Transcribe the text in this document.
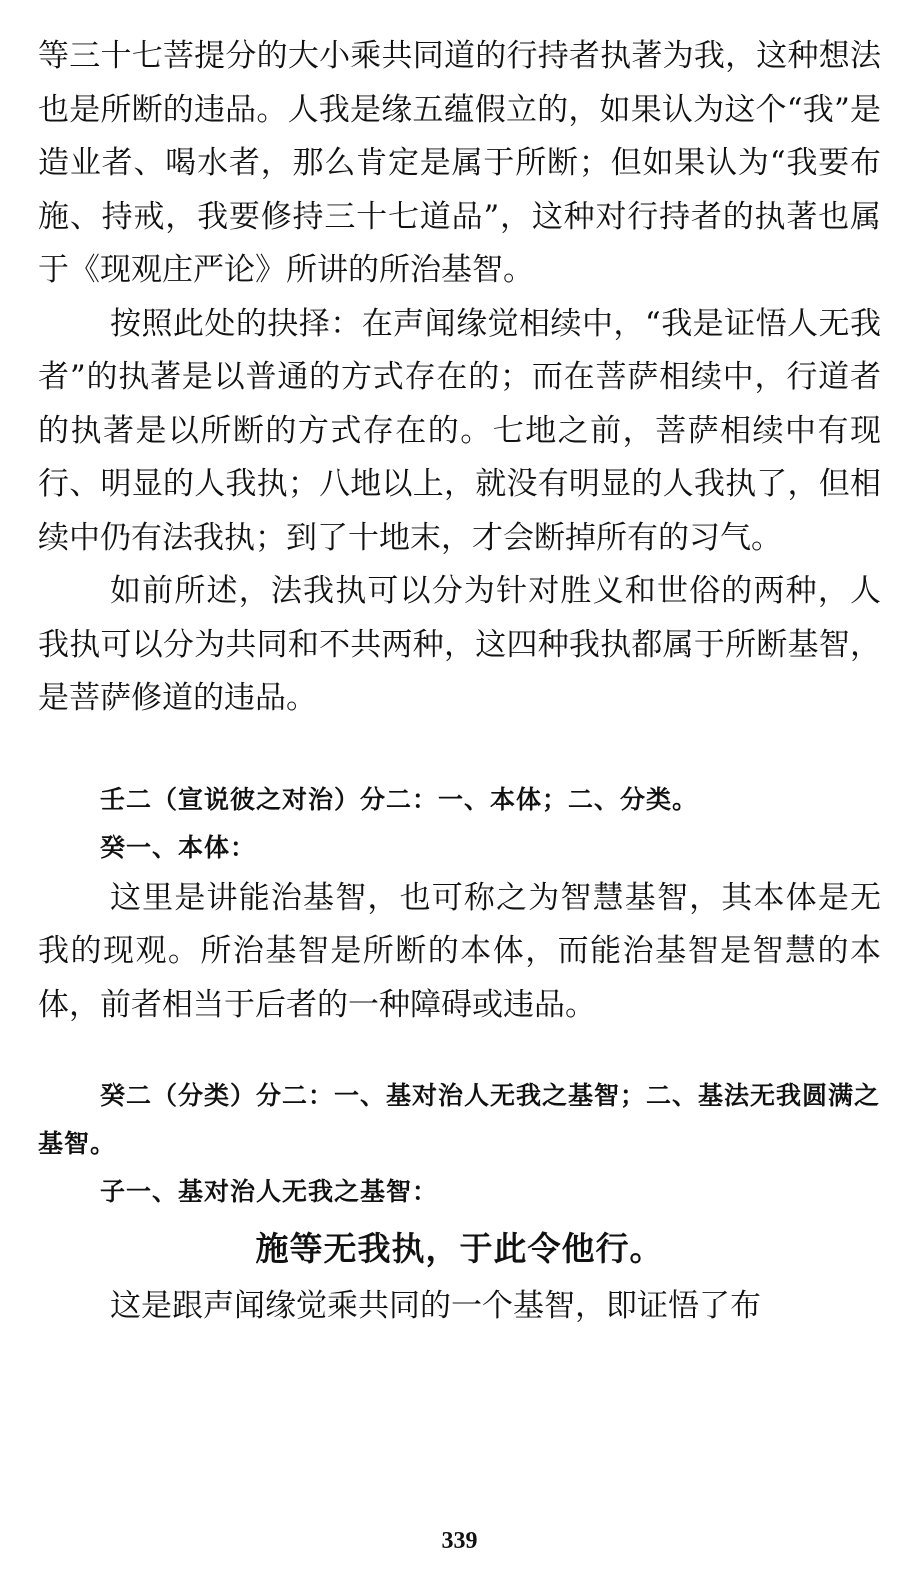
等三十七菩提分的大小乘共同道的行持者执著为我，这种想法也是所断的违品。人我是缘五蕴假立的，如果认为这个“我”是造业者、喝水者，那么肯定是属于所断；但如果认为“我要布施、持戒，我要修持三十七道品”，这种对行持者的执著也属于《现观庄严论》所讲的所治基智。

按照此处的抉择：在声闻缘觉相续中，“我是证悟人无我者”的执著是以普通的方式存在的；而在菩萨相续中，行道者的执著是以所断的方式存在的。七地之前，菩萨相续中有现行、明显的人我执；八地以上，就没有明显的人我执了，但相续中仍有法我执；到了十地末，才会断掉所有的习气。

如前所述，法我执可以分为针对胜义和世俗的两种，人我执可以分为共同和不共两种，这四种我执都属于所断基智，是菩萨修道的违品。

壬二（宣说彼之对治）分二：一、本体；二、分类。

癸一、本体：

这里是讲能治基智，也可称之为智慧基智，其本体是无我的现观。所治基智是所断的本体，而能治基智是智慧的本体，前者相当于后者的一种障碍或违品。

癸二（分类）分二：一、基对治人无我之基智；二、基法无我圆满之基智。

子一、基对治人无我之基智：

施等无我执，于此令他行。

这是跟声闻缘觉乘共同的一个基智，即证悟了布

339
